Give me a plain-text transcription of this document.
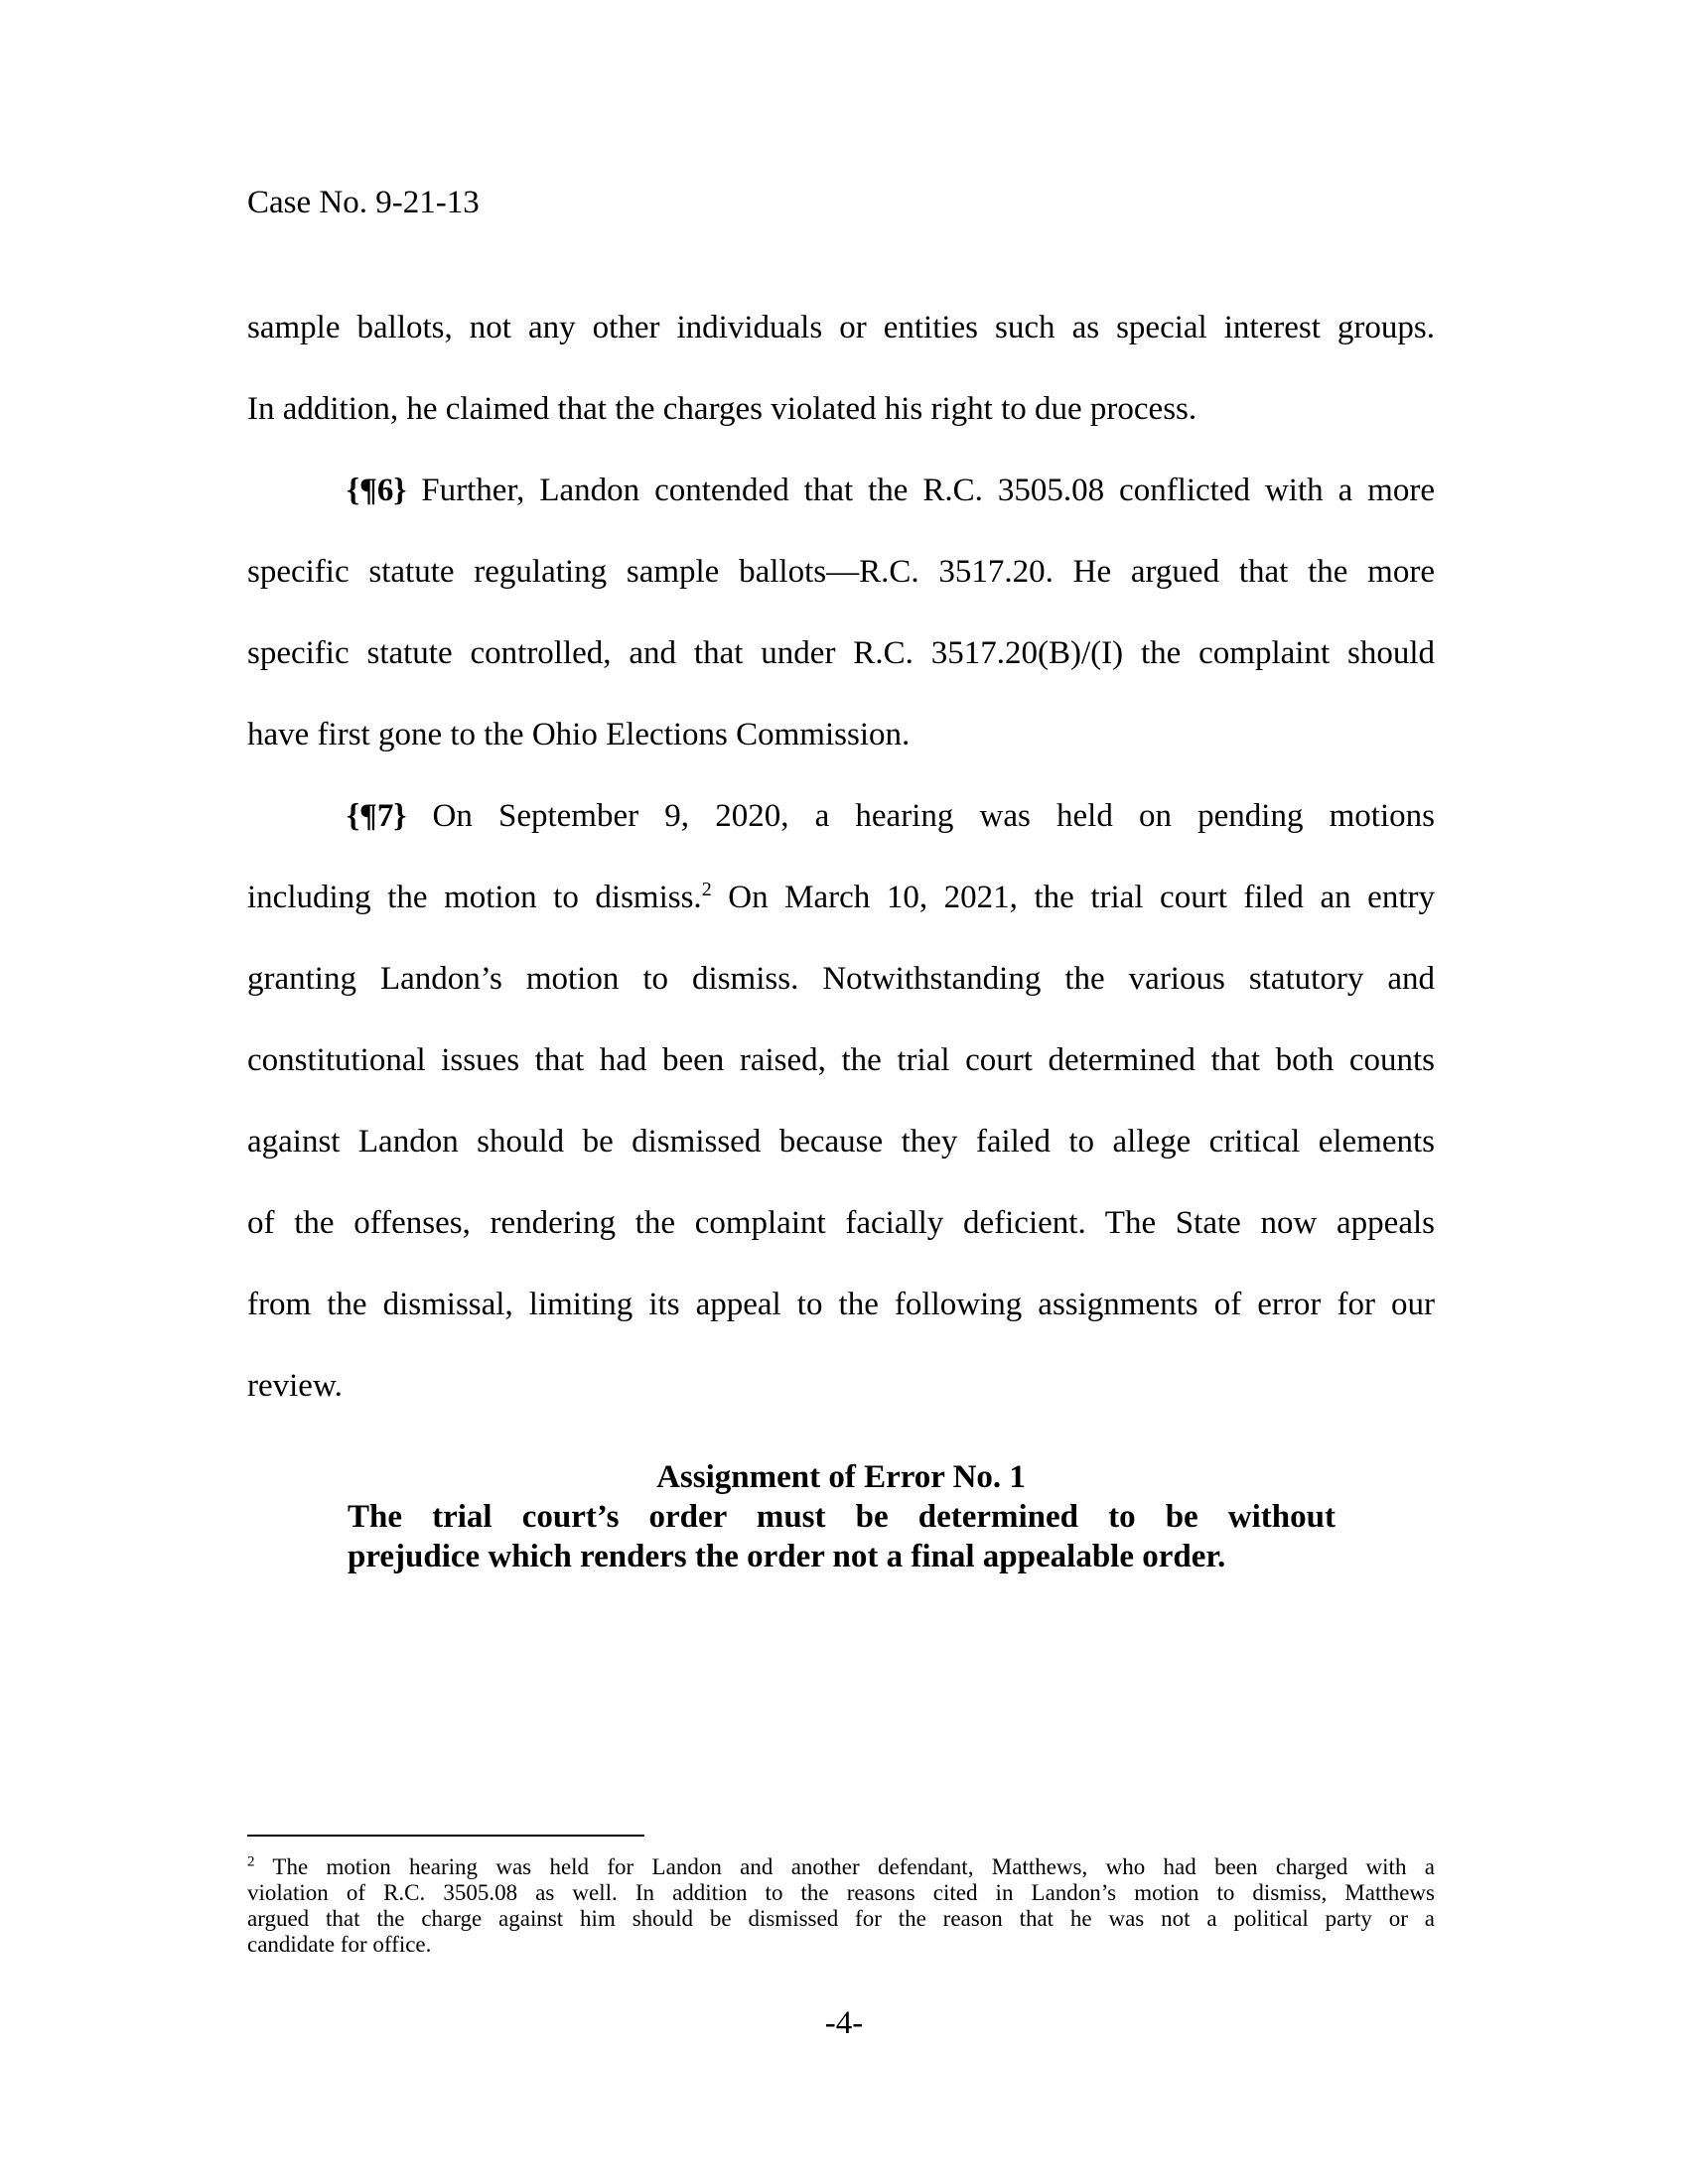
Case No. 9-21-13
sample ballots, not any other individuals or entities such as special interest groups.
In addition, he claimed that the charges violated his right to due process.
{¶6} Further, Landon contended that the R.C. 3505.08 conflicted with a more
specific statute regulating sample ballots—R.C. 3517.20. He argued that the more
specific statute controlled, and that under R.C. 3517.20(B)/(I) the complaint should
have first gone to the Ohio Elections Commission.
{¶7} On September 9, 2020, a hearing was held on pending motions
including the motion to dismiss.$^2$ On March 10, 2021, the trial court filed an entry
granting Landon’s motion to dismiss. Notwithstanding the various statutory and
constitutional issues that had been raised, the trial court determined that both counts
against Landon should be dismissed because they failed to allege critical elements
of the offenses, rendering the complaint facially deficient. The State now appeals
from the dismissal, limiting its appeal to the following assignments of error for our
review.
Assignment of Error No. 1
The trial court’s order must be determined to be without
prejudice which renders the order not a final appealable order.
$^2$ The motion hearing was held for Landon and another defendant, Matthews, who had been charged with a
violation of R.C. 3505.08 as well. In addition to the reasons cited in Landon’s motion to dismiss, Matthews
argued that the charge against him should be dismissed for the reason that he was not a political party or a
candidate for office.
-4-
